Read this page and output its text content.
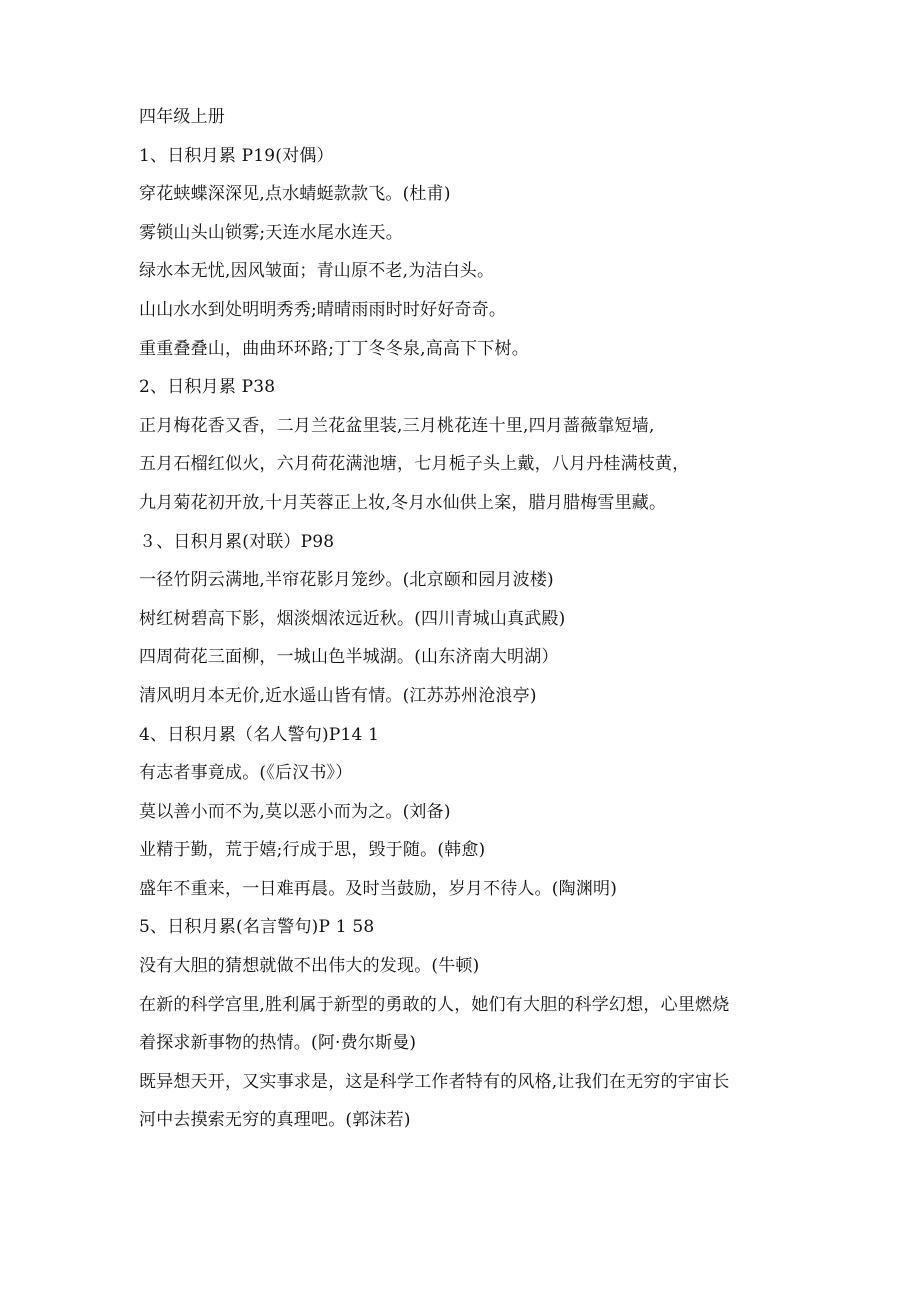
四年级上册
1、日积月累 P19(对偶）
穿花蛱蝶深深见,点水蜻蜓款款飞。(杜甫)
雾锁山头山锁雾;天连水尾水连天。
绿水本无忧,因风皱面；青山原不老,为洁白头。
山山水水到处明明秀秀;晴晴雨雨时时好好奇奇。
重重叠叠山，曲曲环环路;丁丁冬冬泉,高高下下树。
2、日积月累 P38
正月梅花香又香，二月兰花盆里装,三月桃花连十里,四月蔷薇靠短墙,
五月石榴红似火，六月荷花满池塘，七月栀子头上戴，八月丹桂满枝黄，
九月菊花初开放,十月芙蓉正上妆,冬月水仙供上案，腊月腊梅雪里藏。
３、日积月累(对联）P98
一径竹阴云满地,半帘花影月笼纱。(北京颐和园月波楼)
树红树碧高下影，烟淡烟浓远近秋。(四川青城山真武殿)
四周荷花三面柳，一城山色半城湖。(山东济南大明湖）
清风明月本无价,近水遥山皆有情。(江苏苏州沧浪亭)
4、日积月累（名人警句)P14 1
有志者事竟成。(《后汉书》）
莫以善小而不为,莫以恶小而为之。(刘备)
业精于勤，荒于嬉;行成于思，毁于随。(韩愈)
盛年不重来，一日难再晨。及时当鼓励，岁月不待人。(陶渊明)
5、日积月累(名言警句)P 1 58
没有大胆的猜想就做不出伟大的发现。(牛顿)
在新的科学宫里,胜利属于新型的勇敢的人，她们有大胆的科学幻想，心里燃烧
着探求新事物的热情。(阿·费尔斯曼)
既异想天开，又实事求是，这是科学工作者特有的风格,让我们在无穷的宇宙长
河中去摸索无穷的真理吧。(郭沫若)
